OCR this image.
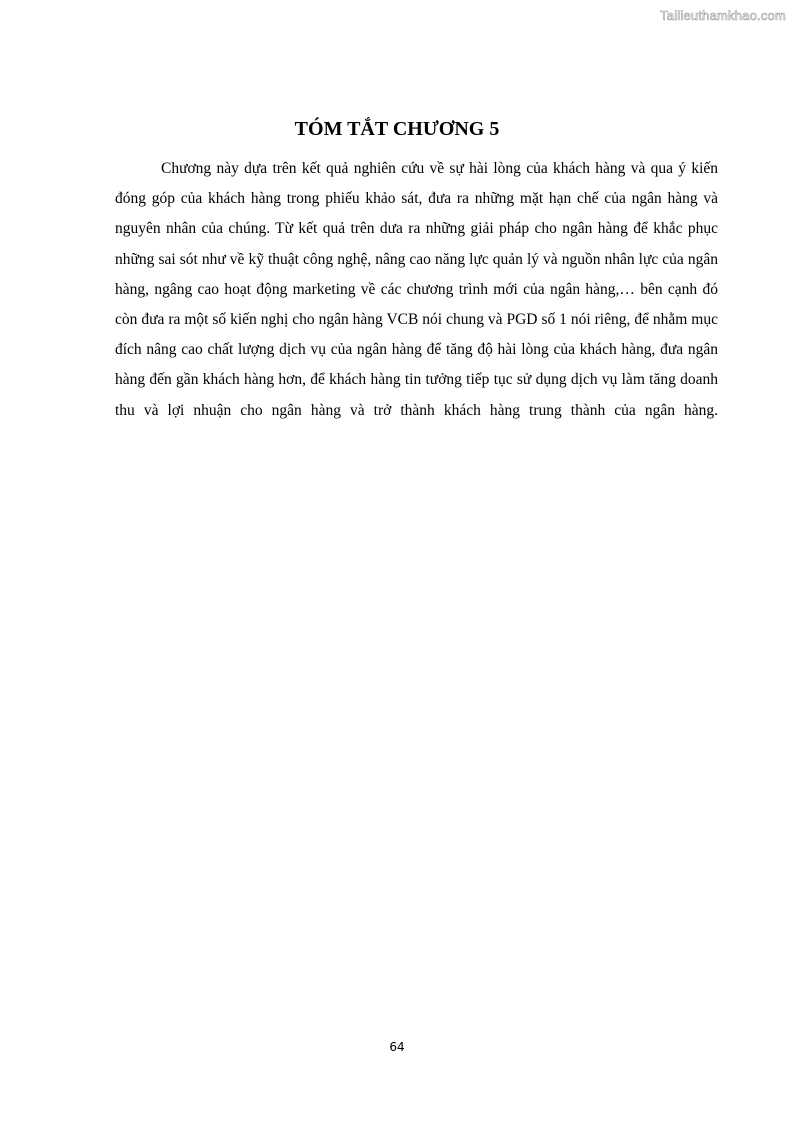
Tailieuthamkhao.com
TÓM TẮT CHƯƠNG 5

Chương này dựa trên kết quả nghiên cứu về sự hài lòng của khách hàng và qua ý kiến đóng góp của khách hàng trong phiếu khảo sát, đưa ra những mặt hạn chế của ngân hàng và nguyên nhân của chúng. Từ kết quả trên dưa ra những giải pháp cho ngân hàng để khắc phục những sai sót như về kỹ thuật công nghệ, nâng cao năng lực quản lý và nguồn nhân lực của ngân hàng, ngâng cao hoạt động marketing về các chương trình mới của ngân hàng,… bên cạnh đó còn đưa ra một số kiến nghị cho ngân hàng VCB nói chung và PGD số 1 nói riêng, để nhằm mục đích nâng cao chất lượng dịch vụ của ngân hàng để tăng độ hài lòng của khách hàng, đưa ngân hàng đến gần khách hàng hơn, để khách hàng tin tưởng tiếp tục sử dụng dịch vụ làm tăng doanh thu và lợi nhuận cho ngân hàng và trở thành khách hàng trung thành của ngân hàng.

64
